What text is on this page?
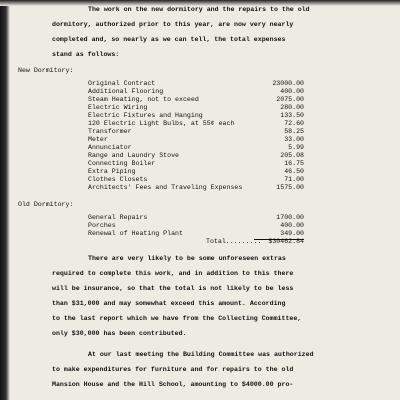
The work on the new dormitory and the repairs to the old
dormitory, authorized prior to this year, are now very nearly
completed and, so nearly as we can tell, the total expenses
stand as follows:
New Dormitory:
Original Contract	23000.00
Additional Flooring	400.00
Steam Heating, not to exceed	2075.00
Electric Wiring	280.00
Electric Fixtures and Hanging	133.50
120 Electric Light Bulbs, at 55¢ each	72.60
Transformer	58.25
Meter	33.00
Annunciator	5.99
Range and Laundry Stove	205.08
Connecting Boiler	16.75
Extra Piping	46.50
Clothes Closets	71.00
Architects' Fees and Traveling Expenses	1575.00
Old Dormitory:
General Repairs	1700.00
Porches	400.00
Renewal of Heating Plant	349.00
Total.........	$30462.84
There are very likely to be some unforeseen extras
required to complete this work, and in addition to this there
will be insurance, so that the total is not likely to be less
than $31,000 and may somewhat exceed this amount. According
to the last report which we have from the Collecting Committee,
only $30,000 has been contributed.
At our last meeting the Building Committee was authorized
to make expenditures for furniture and for repairs to the old
Mansion House and the Hill School, amounting to $4000.00 pro-
